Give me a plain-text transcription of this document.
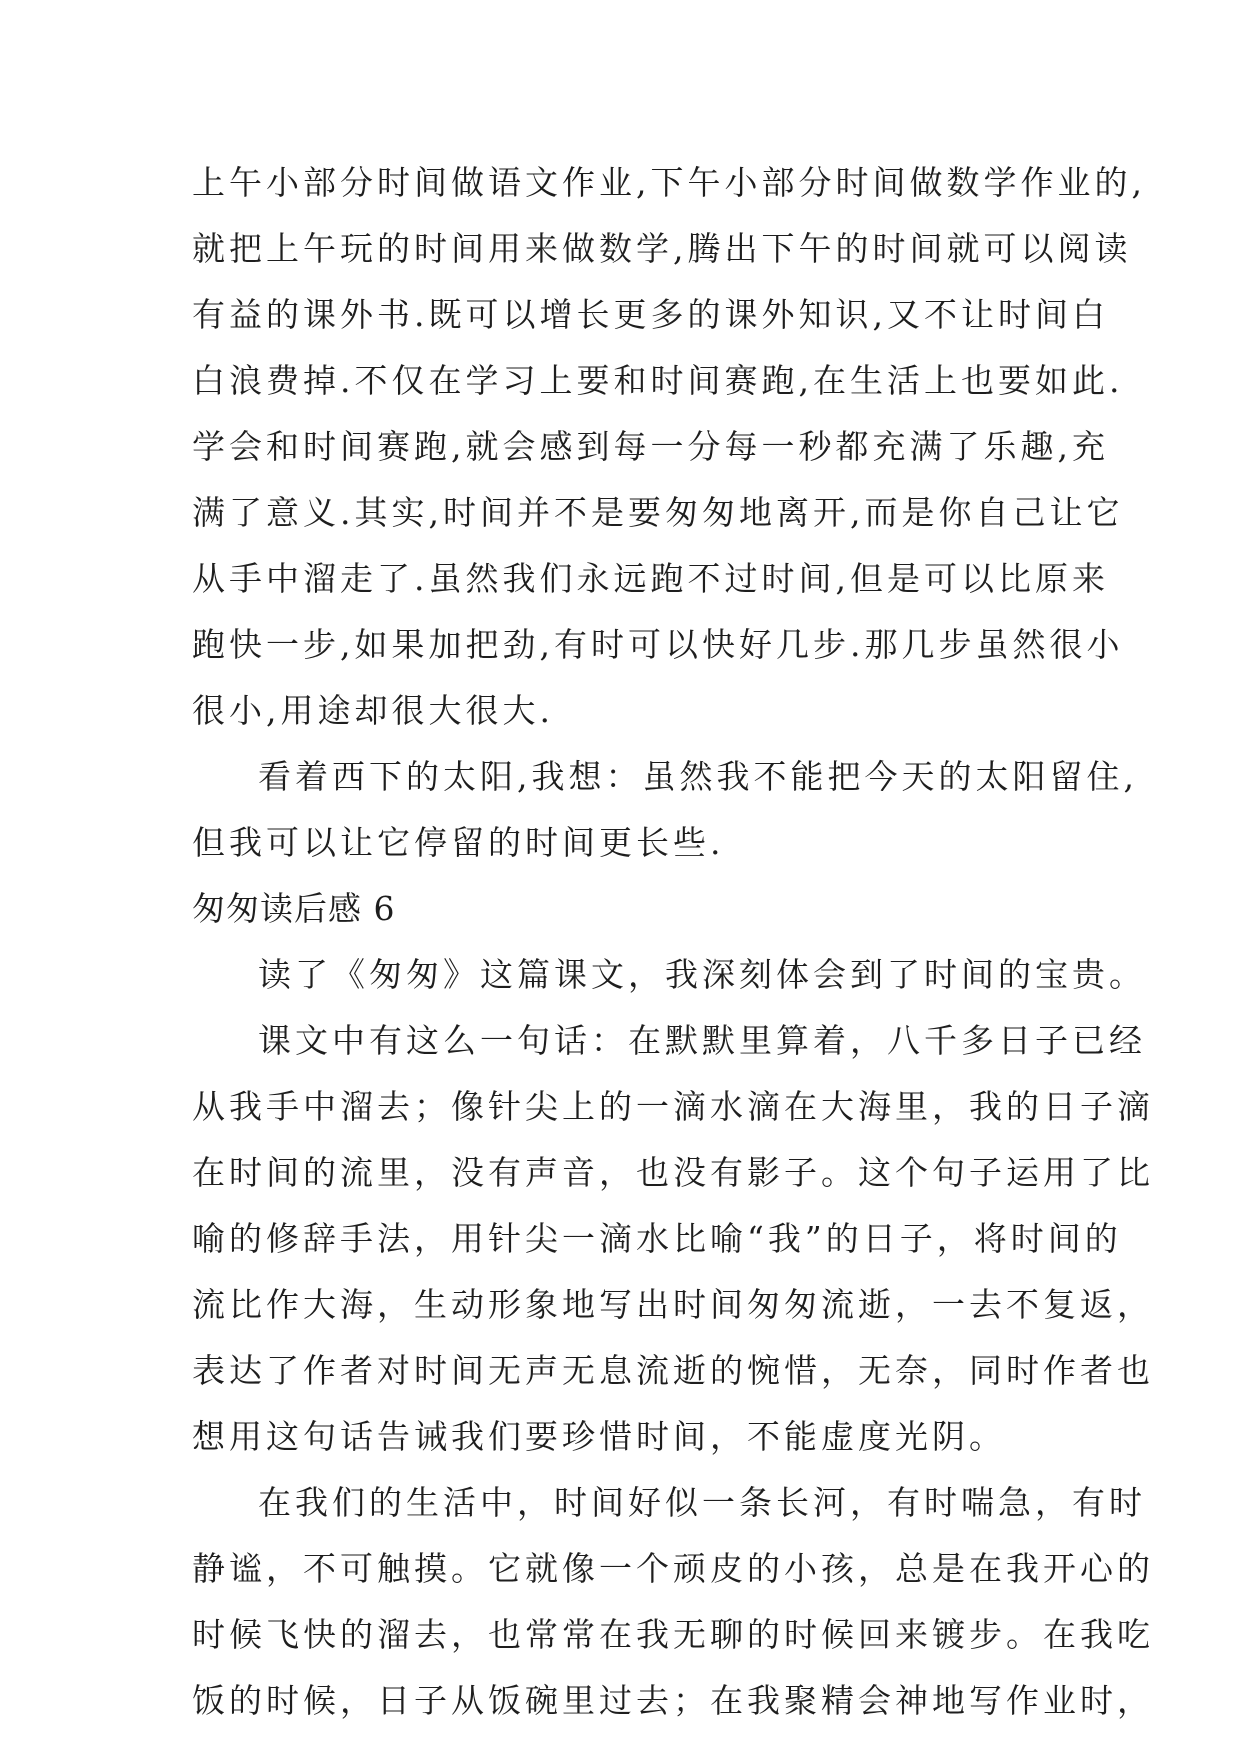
上午小部分时间做语文作业,下午小部分时间做数学作业的,
就把上午玩的时间用来做数学,腾出下午的时间就可以阅读
有益的课外书.既可以增长更多的课外知识,又不让时间白
白浪费掉.不仅在学习上要和时间赛跑,在生活上也要如此.
学会和时间赛跑,就会感到每一分每一秒都充满了乐趣,充
满了意义.其实,时间并不是要匆匆地离开,而是你自己让它
从手中溜走了.虽然我们永远跑不过时间,但是可以比原来
跑快一步,如果加把劲,有时可以快好几步.那几步虽然很小
很小,用途却很大很大.
看着西下的太阳,我想：虽然我不能把今天的太阳留住,
但我可以让它停留的时间更长些.
匆匆读后感 6
读了《匆匆》这篇课文，我深刻体会到了时间的宝贵。
课文中有这么一句话：在默默里算着，八千多日子已经
从我手中溜去；像针尖上的一滴水滴在大海里，我的日子滴
在时间的流里，没有声音，也没有影子。这个句子运用了比
喻的修辞手法，用针尖一滴水比喻“我”的日子，将时间的
流比作大海，生动形象地写出时间匆匆流逝，一去不复返，
表达了作者对时间无声无息流逝的惋惜，无奈，同时作者也
想用这句话告诫我们要珍惜时间，不能虚度光阴。
在我们的生活中，时间好似一条长河，有时喘急，有时
静谧，不可触摸。它就像一个顽皮的小孩，总是在我开心的
时候飞快的溜去，也常常在我无聊的时候回来镀步。在我吃
饭的时候，日子从饭碗里过去；在我聚精会神地写作业时，
